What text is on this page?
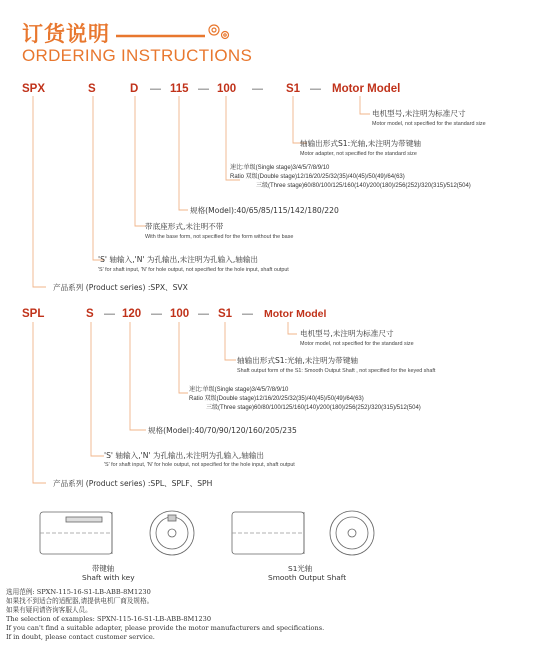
订货说明
ORDERING INSTRUCTIONS
SPX	S	D — 115 — 100 — S1 — Motor Model
电机型号,未注明为标准尺寸
Motor model, not specified for the standard size
轴输出形式S1:光轴,未注明为带键轴
Motor adapter, not specified for the standard size
速比:单级(Single stage)3/4/5/7/8/9/10
Ratio 双级(Double stage)12/16/20/25/32(35)/40(45)/50(49)/64(63)
三级(Three stage)60/80/100/125/160(140)/200(180)/256(252)/320(315)/512(504)
规格(Model):40/65/85/115/142/180/220
带底座形式,未注明不带
With the base form, not specified for the form without the base
'S' 轴输入,'N' 为孔输出,未注明为孔输入,轴输出
'S' for shaft input, 'N' for hole output, not specified for the hole input, shaft output
产品系列 (Product series) :SPX、SVX
SPL	S — 120 — 100 — S1 — Motor Model
电机型号,未注明为标准尺寸
Motor model, not specified for the standard size
轴输出形式S1:光轴,未注明为带键轴
Shaft output form of the S1: Smooth Output Shaft , not specified for the keyed shaft
速比:单级(Single stage)3/4/5/7/8/9/10
Ratio 双级(Double stage)12/16/20/25/32(35)/40(45)/50(49)/64(63)
三级(Three stage)60/80/100/125/160(140)/200(180)/256(252)/320(315)/512(504)
规格(Model):40/70/90/120/160/205/235
'S' 轴输入,'N' 为孔输出,未注明为孔输入,轴输出
'S' for shaft input, 'N' for hole output, not specified for the hole input, shaft output
产品系列 (Product series) :SPL、SPLF、SPH
带键轴
Shaft with key
S1光轴
Smooth Output Shaft
选用范例: SPXN-115-16-S1-LB-ABB-8M1230
如果找不到适合的适配器,请提供电机厂商及规格。
如果有疑问请咨询客服人员。
The selection of examples: SPXN-115-16-S1-LB-ABB-8M1230
If you can't find a suitable adapter, please provide the motor manufacturers and specifications.
If in doubt, please contact customer service.
